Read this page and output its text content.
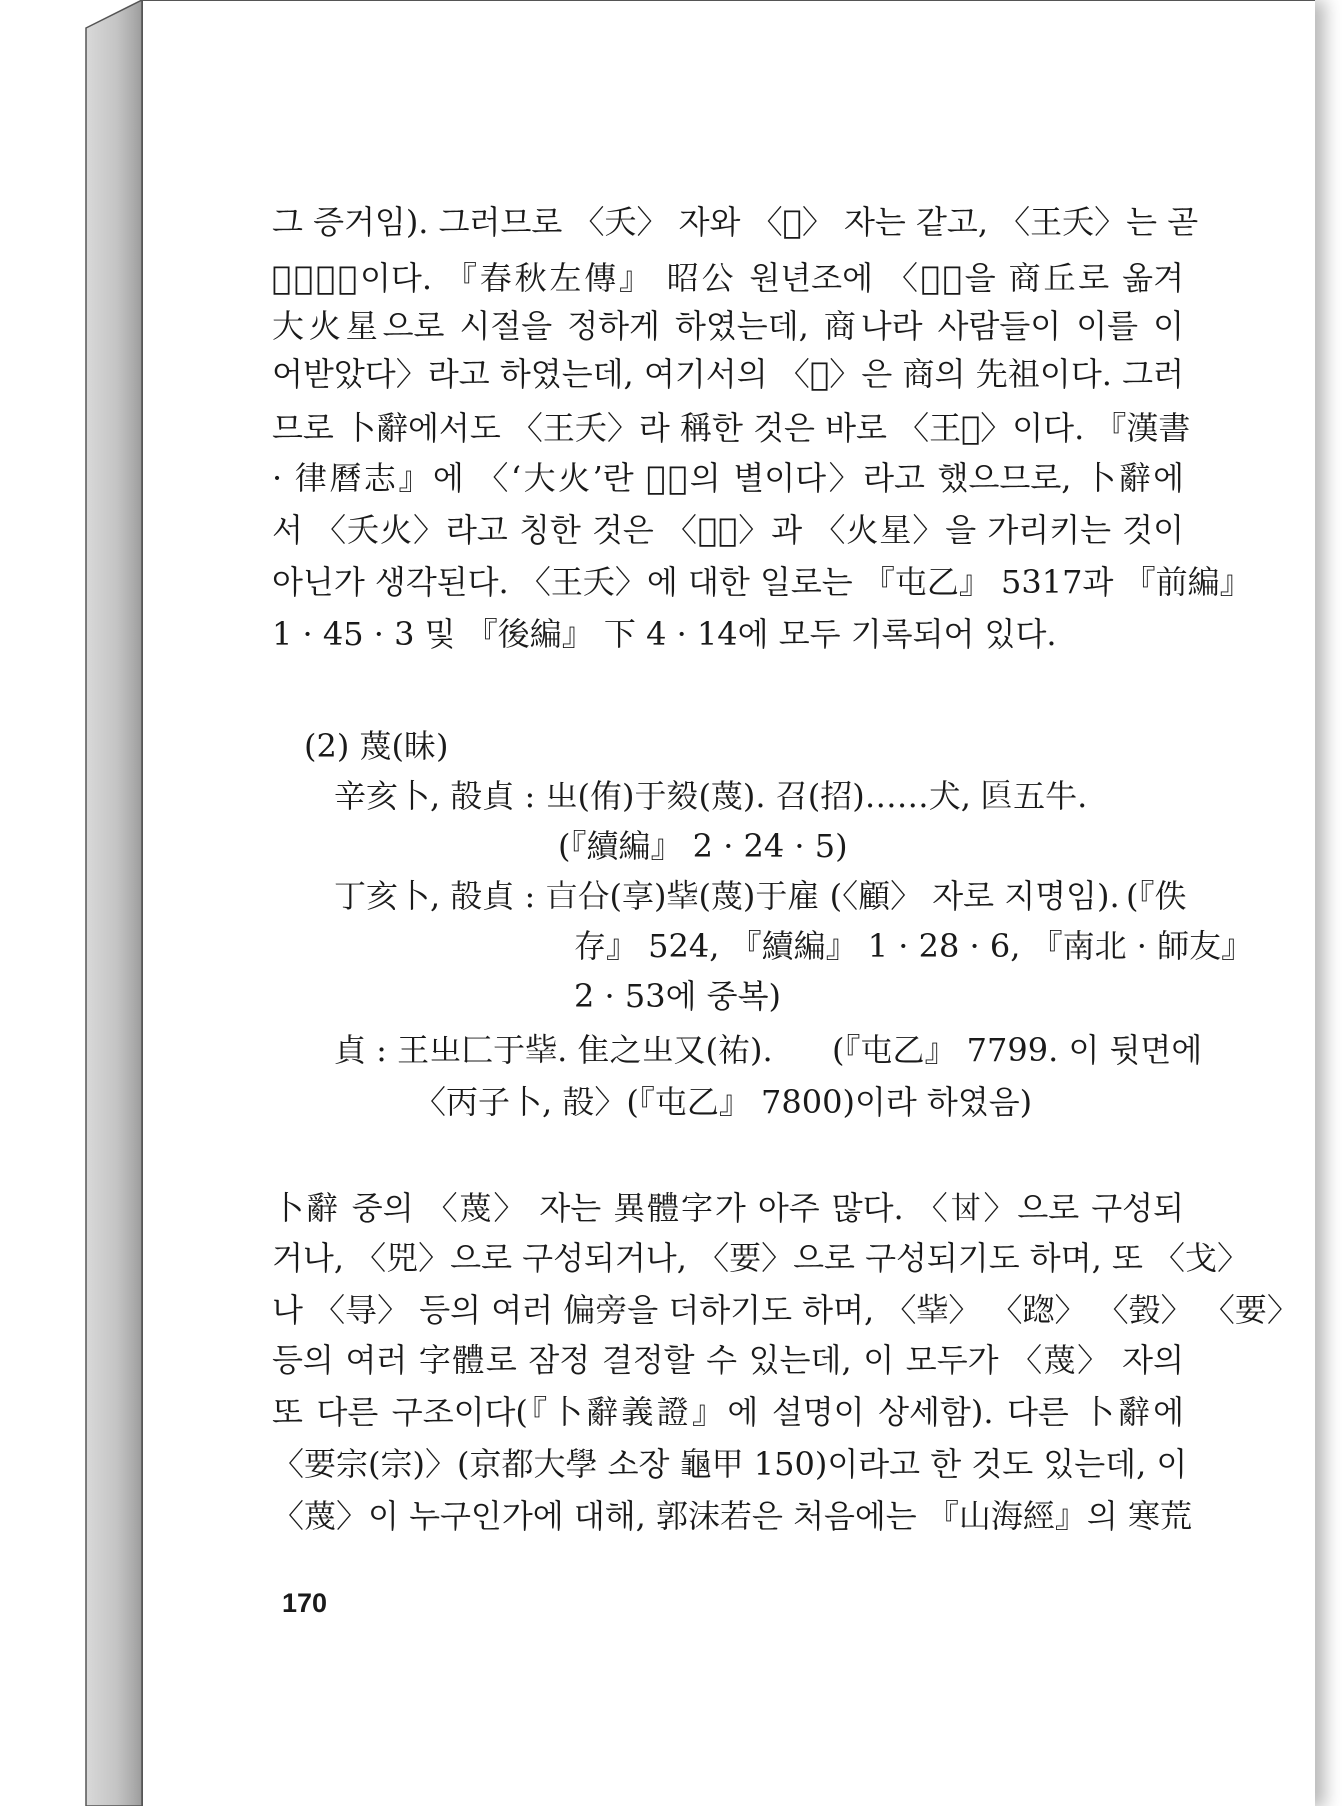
그 증거임). 그러므로 〈夭〉 자와 〈𨴈〉 자는 같고, 〈王夭〉는 곧
〈𨴈伯〉이다. 『春秋左傳』 昭公 원년조에 〈𨴈伯을 商丘로 옮겨
大火星으로 시절을 정하게 하였는데, 商나라 사람들이 이를 이
어받았다〉라고 하였는데, 여기서의 〈𨴈〉은 商의 先祖이다. 그러
므로 卜辭에서도 〈王夭〉라 稱한 것은 바로 〈王𨴈〉이다. 『漢書
· 律曆志』에 〈‘大火’란 𨴈伯의 별이다〉라고 했으므로, 卜辭에
서 〈夭火〉라고 칭한 것은 〈𨴈伯〉과 〈火星〉을 가리키는 것이
아닌가 생각된다. 〈王夭〉에 대한 일로는 『屯乙』 5317과 『前編』
1 · 45 · 3 및 『後編』 下 4 · 14에 모두 기록되어 있다.
(2) 蔑(昧)
辛亥卜, 㱿貞 : 㞢(侑)于㱾(蔑). 召(招)……犬, 𠥁五牛.
(『續編』 2 · 24 · 5)
丁亥卜, 㱿貞 : 𣅀㕣(享)𦍧(蔑)于雇 (〈顧〉 자로 지명임). (『佚
存』 524, 『續編』 1 · 28 · 6, 『南北 · 師友』
2 · 53에 중복)
貞 : 王㞢匚于𦍧. 隹之㞢又(祐). (『屯乙』 7799. 이 뒷면에
〈丙子卜, 㱿〉(『屯乙』 7800)이라 하였음)
卜辭 중의 〈蔑〉 자는 異體字가 아주 많다. 〈𠀠〉으로 구성되
거나, 〈兕〉으로 구성되거나, 〈要〉으로 구성되기도 하며, 또 〈戈〉
나 〈㝵〉 등의 여러 偏旁을 더하기도 하며, 〈𦍧〉 〈𨂴〉 〈㲄〉 〈要〉
등의 여러 字體로 잠정 결정할 수 있는데, 이 모두가 〈蔑〉 자의
또 다른 구조이다(『卜辭義證』에 설명이 상세함). 다른 卜辭에
〈要宗(宗)〉(京都大學 소장 龜甲 150)이라고 한 것도 있는데, 이
〈蔑〉이 누구인가에 대해, 郭沫若은 처음에는 『山海經』의 寒荒
170
